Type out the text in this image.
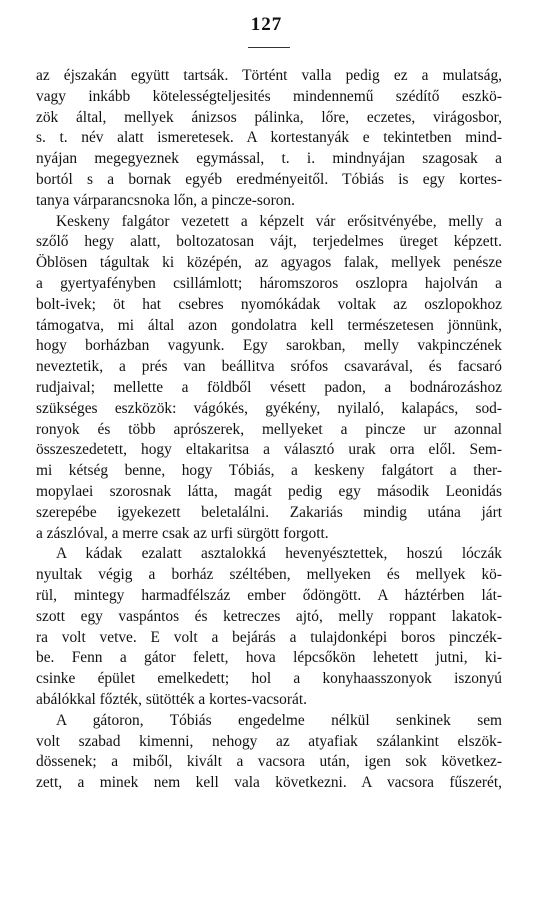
127
az éjszakán együtt tartsák. Történt valla pedig ez a mulatság,
vagy inkább kötelességteljesités mindennemű szédítő eszkö-
zök által, mellyek ánizsos pálinka, lőre, eczetes, virágosbor,
s. t. név alatt ismeretesek. A kortestanyák e tekintetben mind-
nyájan megegyeznek egymással, t. i. mindnyájan szagosak a
bortól s a bornak egyéb eredményeitől. Tóbiás is egy kortes-
tanya várparancsnoka lőn, a pincze-soron.
Keskeny falgátor vezetett a képzelt vár erősitvényébe, melly a
szőlő hegy alatt, boltozatosan vájt, terjedelmes üreget képzett.
Öblösen tágultak ki középén, az agyagos falak, mellyek penésze
a gyertyafényben csillámlott; háromszoros oszlopra hajolván a
bolt-ivek; öt hat csebres nyomókádak voltak az oszlopokhoz
támogatva, mi által azon gondolatra kell természetesen jönnünk,
hogy borházban vagyunk. Egy sarokban, melly vakpinczének
neveztetik, a prés van beállitva srófos csavarával, és facsaró
rudjaival; mellette a földből vésett padon, a bodnározáshoz
szükséges eszközök: vágókés, gyékény, nyilaló, kalapács, sod-
ronyok és több aprószerek, mellyeket a pincze ur azonnal
összeszedetett, hogy eltakaritsa a választó urak orra elől. Sem-
mi kétség benne, hogy Tóbiás, a keskeny falgátort a ther-
mopylaei szorosnak látta, magát pedig egy második Leonidás
szerepébe igyekezett beletalálni. Zakariás mindig utána járt
a zászlóval, a merre csak az urfi sürgött forgott.
A kádak ezalatt asztalokká hevenyésztettek, hoszú lóczák
nyultak végig a borház széltében, mellyeken és mellyek kö-
rül, mintegy harmadfélszáz ember ődöngött. A háztérben lát-
szott egy vaspántos és ketreczes ajtó, melly roppant lakatok-
ra volt vetve. E volt a bejárás a tulajdonképi boros pinczék-
be. Fenn a gátor felett, hova lépcsőkön lehetett jutni, ki-
csinke épület emelkedett; hol a konyhaasszonyok iszonyú
abálókkal főzték, sütötték a kortes-vacsorát.
A gátoron, Tóbiás engedelme nélkül senkinek sem
volt szabad kimenni, nehogy az atyafiak szálankint elszök-
dössenek; a miből, kivált a vacsora után, igen sok következ-
zett, a minek nem kell vala következni. A vacsora fűszerét,
